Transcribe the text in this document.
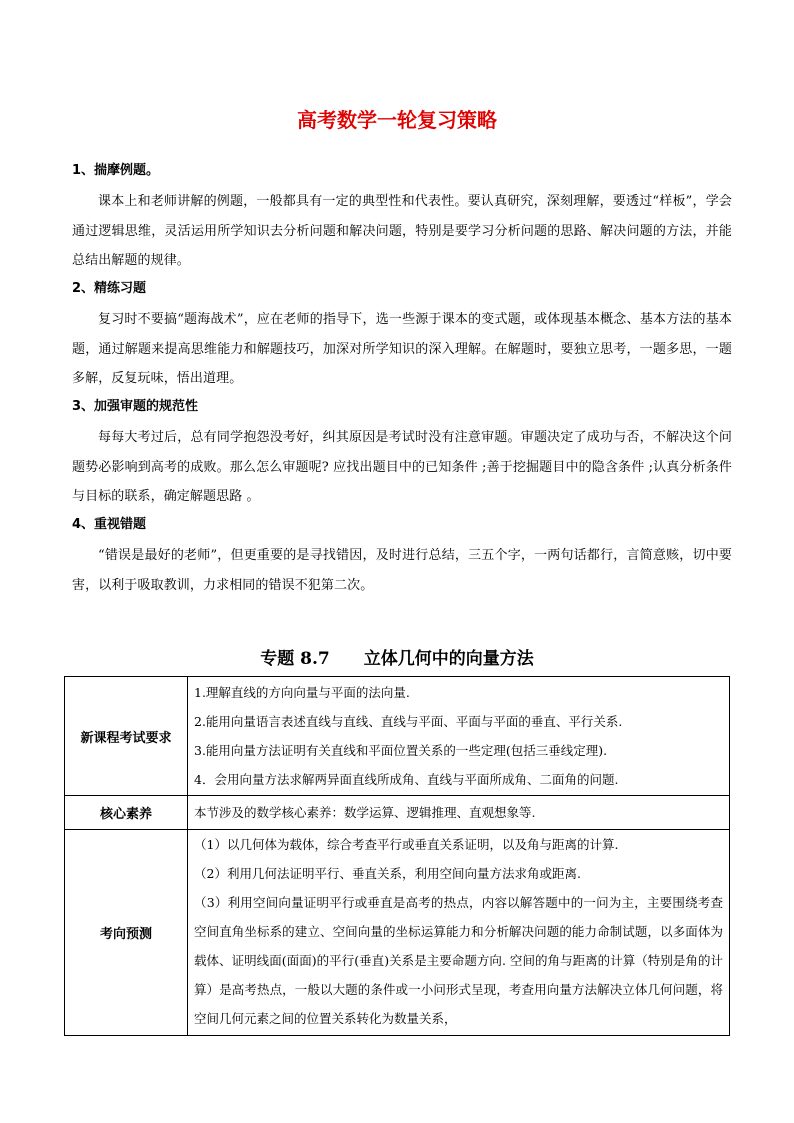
高考数学一轮复习策略
1、揣摩例题。

课本上和老师讲解的例题，一般都具有一定的典型性和代表性。要认真研究，深刻理解，要透过“样板”，学会通过逻辑思维，灵活运用所学知识去分析问题和解决问题，特别是要学习分析问题的思路、解决问题的方法，并能总结出解题的规律。

2、精练习题

复习时不要搞“题海战术”，应在老师的指导下，选一些源于课本的变式题，或体现基本概念、基本方法的基本题，通过解题来提高思维能力和解题技巧，加深对所学知识的深入理解。在解题时，要独立思考，一题多思，一题多解，反复玩味，悟出道理。

3、加强审题的规范性

每每大考过后，总有同学抱怨没考好，纠其原因是考试时没有注意审题。审题决定了成功与否，不解决这个问题势必影响到高考的成败。那么怎么审题呢? 应找出题目中的已知条件 ;善于挖掘题目中的隐含条件 ;认真分析条件与目标的联系，确定解题思路 。

4、重视错题

“错误是最好的老师”，但更重要的是寻找错因，及时进行总结，三五个字，一两句话都行，言简意赅，切中要害，以利于吸取教训，力求相同的错误不犯第二次。

专题 8.7 立体几何中的向量方法
新课程考试要求	1.理解直线的方向向量与平面的法向量.
2.能用向量语言表述直线与直线、直线与平面、平面与平面的垂直、平行关系.
3.能用向量方法证明有关直线和平面位置关系的一些定理(包括三垂线定理).
4．会用向量方法求解两异面直线所成角、直线与平面所成角、二面角的问题.

核心素养	本节涉及的数学核心素养：数学运算、逻辑推理、直观想象等.

考向预测	（1）以几何体为载体，综合考查平行或垂直关系证明，以及角与距离的计算.
（2）利用几何法证明平行、垂直关系，利用空间向量方法求角或距离.
（3）利用空间向量证明平行或垂直是高考的热点，内容以解答题中的一问为主，主要围绕考查空间直角坐标系的建立、空间向量的坐标运算能力和分析解决问题的能力命制试题，以多面体为载体、证明线面(面面)的平行(垂直)关系是主要命题方向. 空间的角与距离的计算（特别是角的计算）是高考热点，一般以大题的条件或一小问形式呈现，考查用向量方法解决立体几何问题，将空间几何元素之间的位置关系转化为数量关系，
